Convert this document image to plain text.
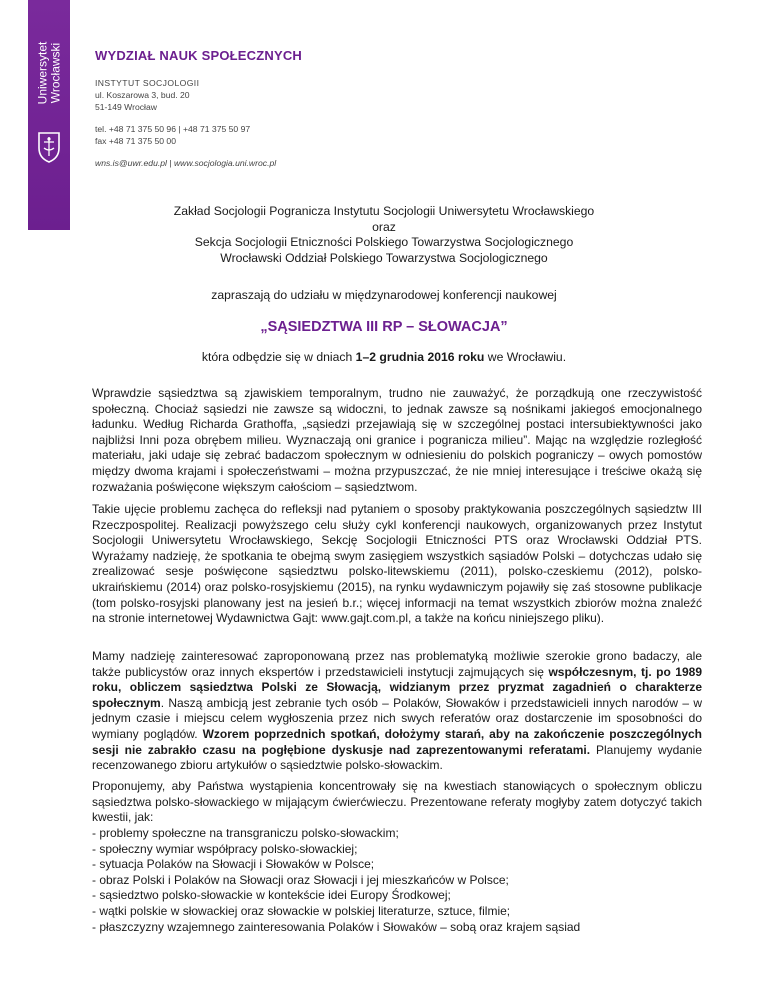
Uniwersytet Wrocławski	WYDZIAŁ NAUK SPOŁECZNYCH
INSTYTUT SOCJOLOGII
ul. Koszarowa 3, bud. 20
51-149 Wrocław
tel. +48 71 375 50 96 | +48 71 375 50 97
fax +48 71 375 50 00
wns.is@uwr.edu.pl | www.socjologia.uni.wroc.pl
Zakład Socjologii Pogranicza Instytutu Socjologii Uniwersytetu Wrocławskiego
oraz
Sekcja Socjologii Etniczności Polskiego Towarzystwa Socjologicznego
Wrocławski Oddział Polskiego Towarzystwa Socjologicznego
zapraszają do udziału w międzynarodowej konferencji naukowej
„SĄSIEDZTWA III RP – SŁOWACJA”
która odbędzie się w dniach 1–2 grudnia 2016 roku we Wrocławiu.
Wprawdzie sąsiedztwa są zjawiskiem temporalnym, trudno nie zauważyć, że porządkują one rzeczywistość społeczną. Chociaż sąsiedzi nie zawsze są widoczni, to jednak zawsze są nośnikami jakiegoś emocjonalnego ładunku. Według Richarda Grathoffa, „sąsiedzi przejawiają się w szczególnej postaci intersubiektywności jako najbliżsi Inni poza obrębem milieu. Wyznaczają oni granice i pogranicza milieu”. Mając na względzie rozległość materiału, jaki udaje się zebrać badaczom społecznym w odniesieniu do polskich pograniczy – owych pomostów między dwoma krajami i społeczeństwami – można przypuszczać, że nie mniej interesujące i treściwe okażą się rozważania poświęcone większym całościom – sąsiedztwom.
Takie ujęcie problemu zachęca do refleksji nad pytaniem o sposoby praktykowania poszczególnych sąsiedztw III Rzeczpospolitej. Realizacji powyższego celu służy cykl konferencji naukowych, organizowanych przez Instytut Socjologii Uniwersytetu Wrocławskiego, Sekcję Socjologii Etniczności PTS oraz Wrocławski Oddział PTS. Wyrażamy nadzieję, że spotkania te obejmą swym zasięgiem wszystkich sąsiadów Polski – dotychczas udało się zrealizować sesje poświęcone sąsiedztwu polsko-litewskiemu (2011), polsko-czeskiemu (2012), polsko-ukraińskiemu (2014) oraz polsko-rosyjskiemu (2015), na rynku wydawniczym pojawiły się zaś stosowne publikacje (tom polsko-rosyjski planowany jest na jesień b.r.; więcej informacji na temat wszystkich zbiorów można znaleźć na stronie internetowej Wydawnictwa Gajt: www.gajt.com.pl, a także na końcu niniejszego pliku).
Mamy nadzieję zainteresować zaproponowaną przez nas problematyką możliwie szerokie grono badaczy, ale także publicystów oraz innych ekspertów i przedstawicieli instytucji zajmujących się współczesnym, tj. po 1989 roku, obliczem sąsiedztwa Polski ze Słowacją, widzianym przez pryzmat zagadnień o charakterze społecznym. Naszą ambicją jest zebranie tych osób – Polaków, Słowaków i przedstawicieli innych narodów – w jednym czasie i miejscu celem wygłoszenia przez nich swych referatów oraz dostarczenie im sposobności do wymiany poglądów. Wzorem poprzednich spotkań, dołożymy starań, aby na zakończenie poszczególnych sesji nie zabrakło czasu na pogłębione dyskusje nad zaprezentowanymi referatami. Planujemy wydanie recenzowanego zbioru artykułów o sąsiedztwie polsko-słowackim.
Proponujemy, aby Państwa wystąpienia koncentrowały się na kwestiach stanowiących o społecznym obliczu sąsiedztwa polsko-słowackiego w mijającym ćwierćwieczu. Prezentowane referaty mogłyby zatem dotyczyć takich kwestii, jak:
- problemy społeczne na transgraniczu polsko-słowackim;
- społeczny wymiar współpracy polsko-słowackiej;
- sytuacja Polaków na Słowacji i Słowaków w Polsce;
- obraz Polski i Polaków na Słowacji oraz Słowacji i jej mieszkańców w Polsce;
- sąsiedztwo polsko-słowackie w kontekście idei Europy Środkowej;
- wątki polskie w słowackiej oraz słowackie w polskiej literaturze, sztuce, filmie;
- płaszczyzny wzajemnego zainteresowania Polaków i Słowaków – sobą oraz krajem sąsiad
